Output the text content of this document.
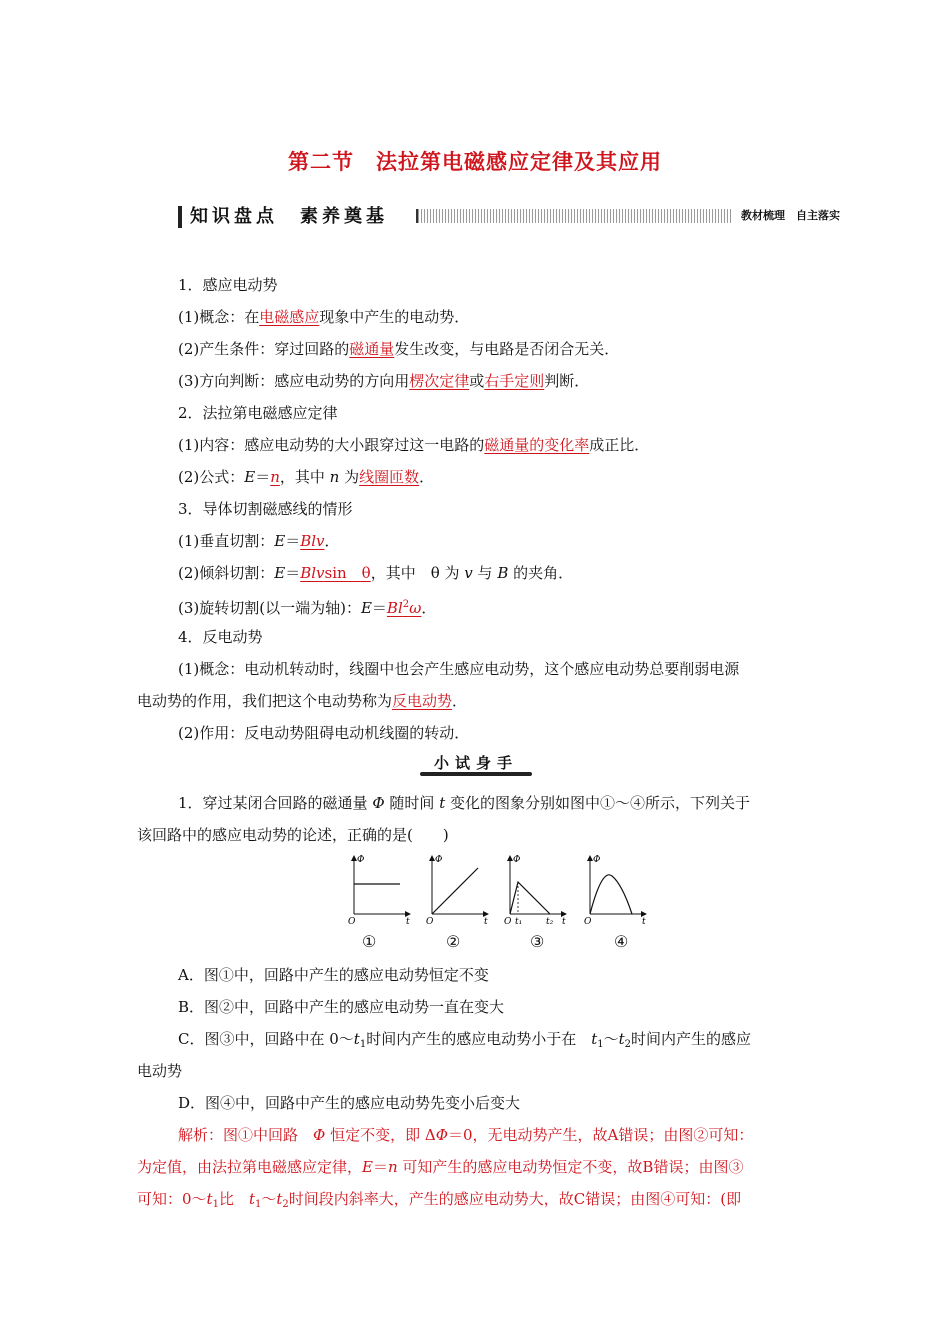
第二节　法拉第电磁感应定律及其应用
知识盘点　素养奠基	教材梳理　自主落实
1．感应电动势
(1)概念：在电磁感应现象中产生的电动势．
(2)产生条件：穿过回路的磁通量发生改变，与电路是否闭合无关．
(3)方向判断：感应电动势的方向用楞次定律或右手定则判断．
2．法拉第电磁感应定律
(1)内容：感应电动势的大小跟穿过这一电路的磁通量的变化率成正比．
(2)公式：E＝n，其中 n 为线圈匝数．
3．导体切割磁感线的情形
(1)垂直切割：E＝Blv．
(2)倾斜切割：E＝Blvsin　θ，其中　θ 为 v 与 B 的夹角．
(3)旋转切割(以一端为轴)：$E=Bl^2\omega$．
4．反电动势
(1)概念：电动机转动时，线圈中也会产生感应电动势，这个感应电动势总要削弱电源
电动势的作用，我们把这个电动势称为反电动势．
(2)作用：反电动势阻碍电动机线圈的转动．
小试身手
1．穿过某闭合回路的磁通量 Φ 随时间 t 变化的图象分别如图中①～④所示，下列关于
该回路中的感应电动势的论述，正确的是(　　)
Φ
t
O
Φ
t
O
Φ
t
O t₁	t₂
Φ
t
O
①	②	③	④
A．图①中，回路中产生的感应电动势恒定不变
B．图②中，回路中产生的感应电动势一直在变大
C．图③中，回路中在 $0\sim t_1$时间内产生的感应电动势小于在　$t_1\sim t_2$时间内产生的感应
电动势
D．图④中，回路中产生的感应电动势先变小后变大
解析：图①中回路　Φ 恒定不变，即 ΔΦ＝0，无电动势产生，故A错误；由图②可知：
为定值，由法拉第电磁感应定律，E＝n 可知产生的感应电动势恒定不变，故B错误；由图③
可知：$0\sim t_1$比　$t_1\sim t_2$时间段内斜率大，产生的感应电动势大，故C错误；由图④可知：(即
